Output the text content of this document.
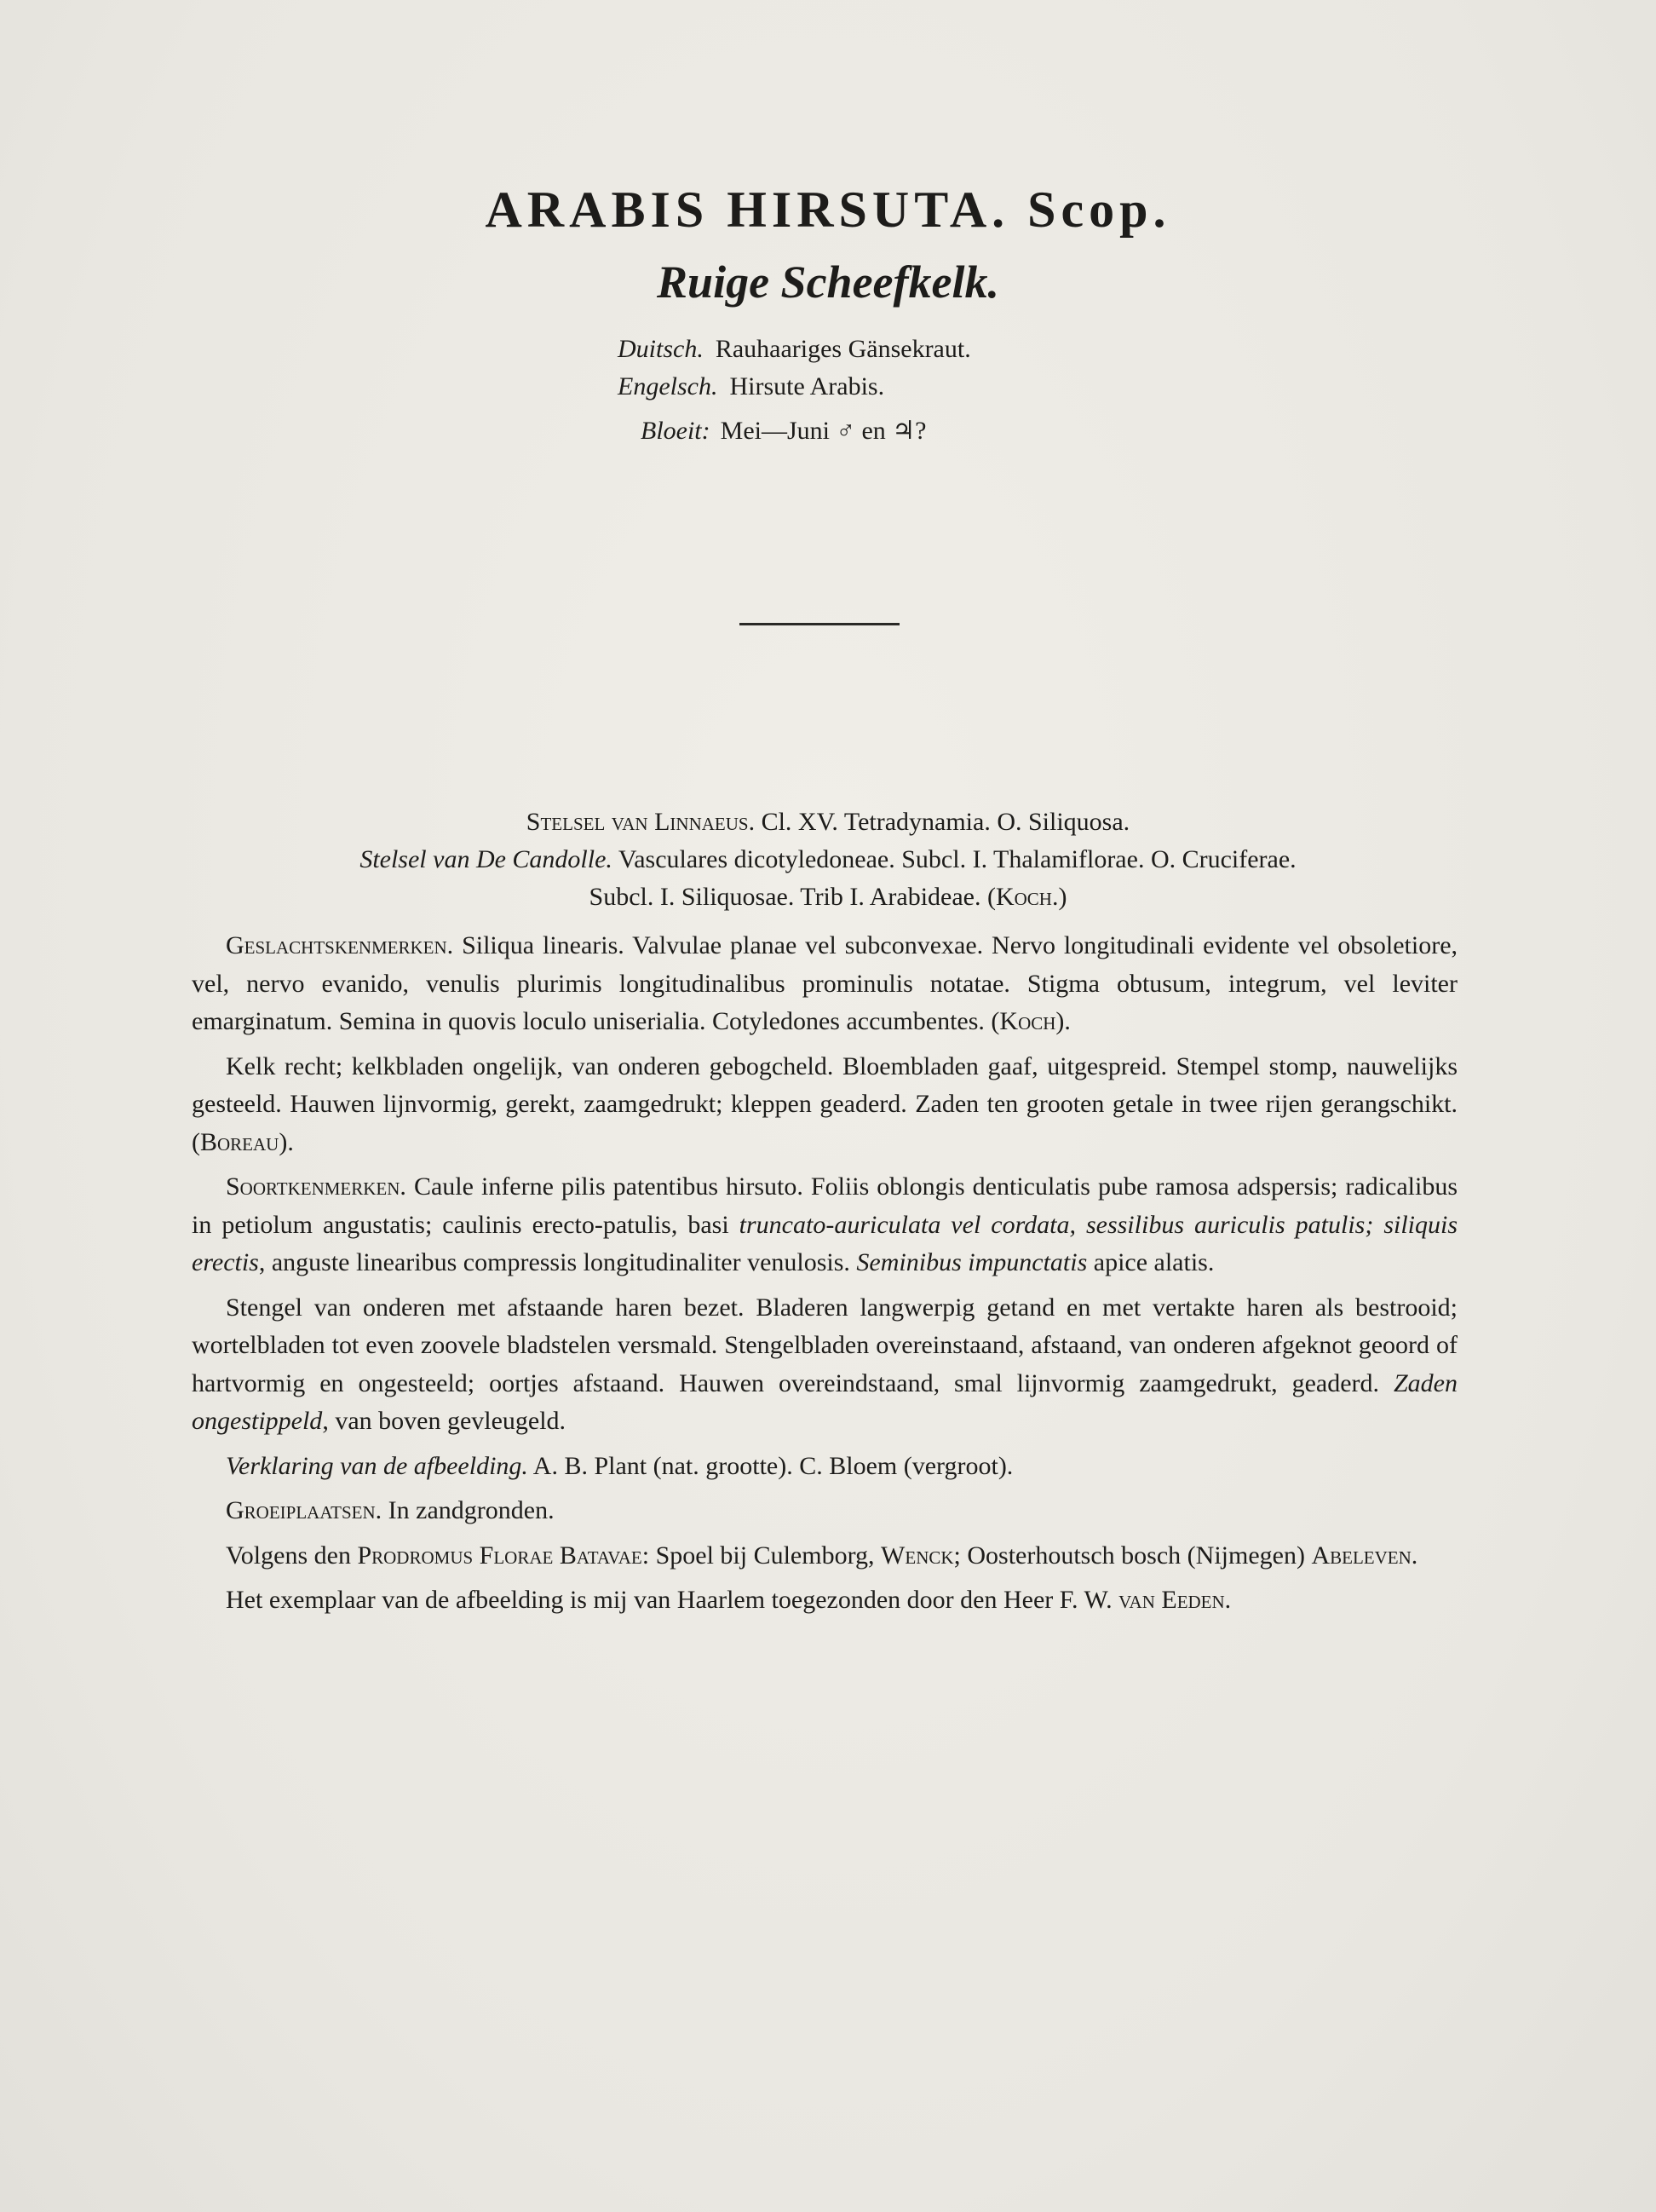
ARABIS HIRSUTA. Scop.
Ruige Scheefkelk.
Duitsch. Rauhaariges Gänsekraut.
Engelsch. Hirsute Arabis.
Bloeit: Mei—Juni ♂ en ♃?
Stelsel van Linnaeus. Cl. XV. Tetradynamia. O. Siliquosa.
Stelsel van De Candolle. Vasculares dicotyledoneae. Subcl. I. Thalamiflorae. O. Cruciferae.
Subcl. I. Siliquosae. Trib I. Arabideae. (Koch.)

Geslachtskenmerken. Siliqua linearis. Valvulae planae vel subconvexae. Nervo longitudinali evidente vel obsoletiore, vel, nervo evanido, venulis plurimis longitudinalibus prominulis notatae. Stigma obtusum, integrum, vel leviter emarginatum. Semina in quovis loculo uniserialia. Cotyledones accumbentes. (Koch).

Kelk recht; kelkbladen ongelijk, van onderen gebogcheld. Bloembladen gaaf, uitgespreid. Stempel stomp, nauwelijks gesteeld. Hauwen lijnvormig, gerekt, zaamgedrukt; kleppen geaderd. Zaden ten grooten getale in twee rijen gerangschikt. (Boreau).

Soortkenmerken. Caule inferne pilis patentibus hirsuto. Foliis oblongis denticulatis pube ramosa adspersis; radicalibus in petiolum angustatis; caulinis erecto-patulis, basi truncato-auriculata vel cordata, sessilibus auriculis patulis; siliquis erectis, anguste linearibus compressis longitudinaliter venulosis. Seminibus impunctatis apice alatis.

Stengel van onderen met afstaande haren bezet. Bladeren langwerpig getand en met vertakte haren als bestrooid; wortelbladen tot even zoovele bladstelen versmald. Stengelbladen overeinstaand, afstaand, van onderen afgeknot geoord of hartvormig en ongesteeld; oortjes afstaand. Hauwen overeindstaand, smal lijnvormig zaamgedrukt, geaderd. Zaden ongestippeld, van boven gevleugeld.

Verklaring van de afbeelding. A. B. Plant (nat. grootte). C. Bloem (vergroot).

Groeiplaatsen. In zandgronden.

Volgens den Prodromus Florae Batavae: Spoel bij Culemborg, Wenck; Oosterhoutsch bosch (Nijmegen) Abeleven.

Het exemplaar van de afbeelding is mij van Haarlem toegezonden door den Heer F. W. van Eeden.
